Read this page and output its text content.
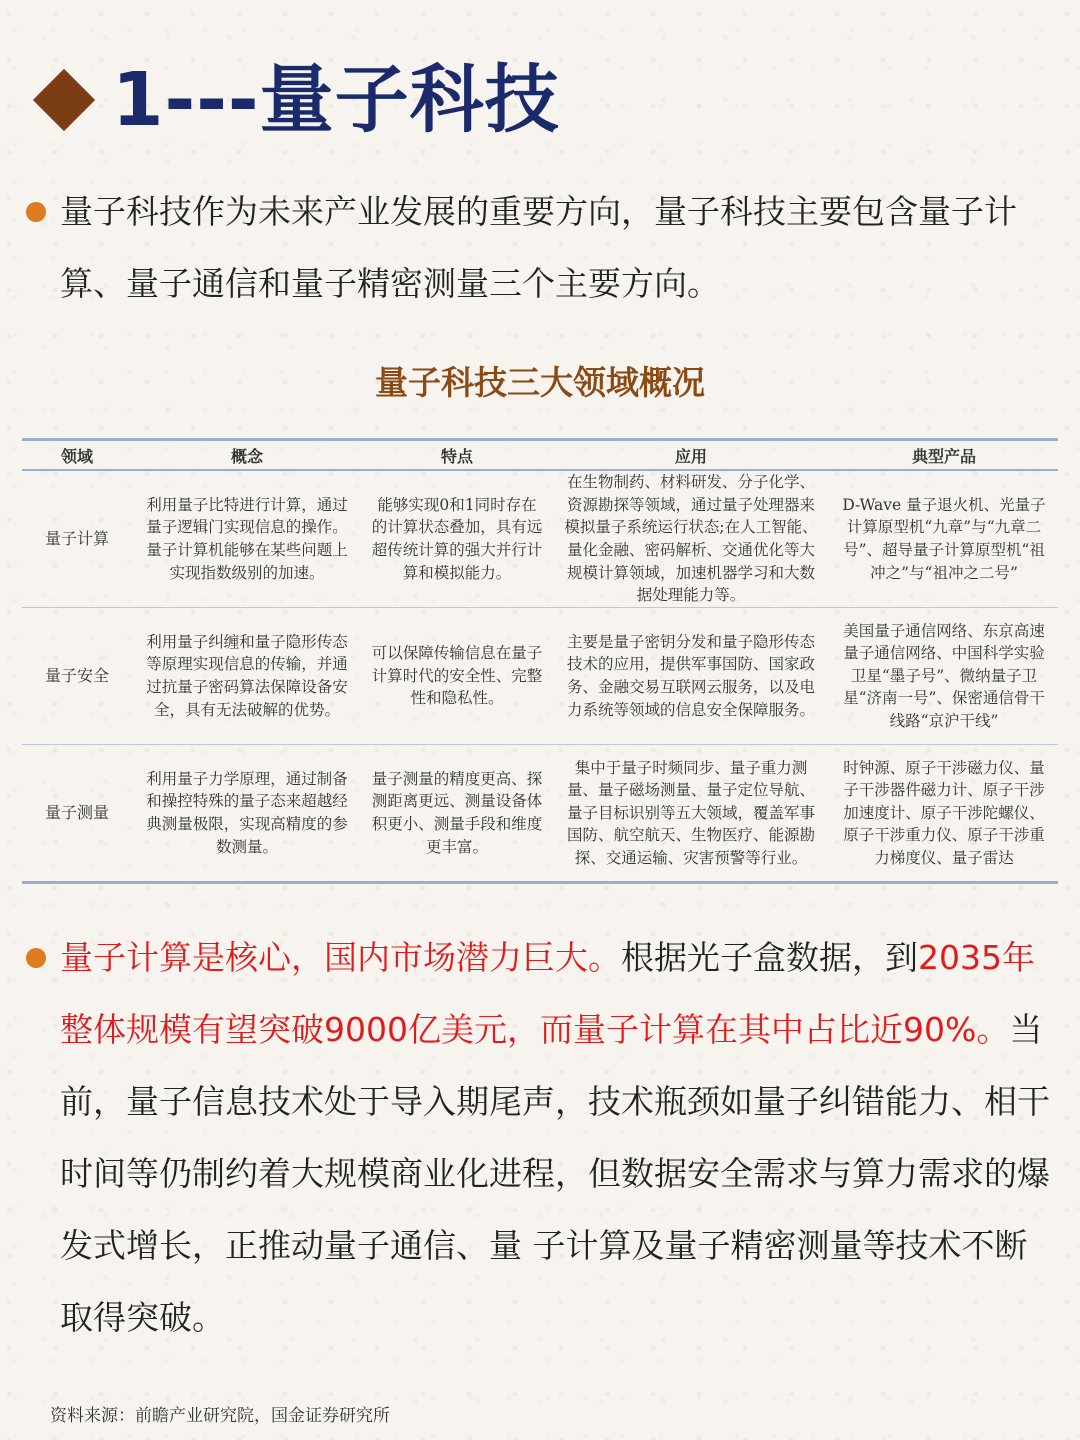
1---量子科技
量子科技作为未来产业发展的重要方向，量子科技主要包含量子计算、量子通信和量子精密测量三个主要方向。
量子科技三大领域概况
领域	概念	特点	应用	典型产品
量子计算	利用量子比特进行计算，通过量子逻辑门实现信息的操作。量子计算机能够在某些问题上实现指数级别的加速。	能够实现0和1同时存在的计算状态叠加，具有远超传统计算的强大并行计算和模拟能力。	在生物制药、材料研发、分子化学、资源勘探等领域，通过量子处理器来模拟量子系统运行状态;在人工智能、量化金融、密码解析、交通优化等大规模计算领域，加速机器学习和大数据处理能力等。	D-Wave 量子退火机、光量子计算原型机“九章”与“九章二号”、超导量子计算原型机“祖冲之”与“祖冲之二号”
量子安全	利用量子纠缠和量子隐形传态等原理实现信息的传输，并通过抗量子密码算法保障设备安全，具有无法破解的优势。	可以保障传输信息在量子计算时代的安全性、完整性和隐私性。	主要是量子密钥分发和量子隐形传态技术的应用，提供军事国防、国家政务、金融交易互联网云服务，以及电力系统等领域的信息安全保障服务。	美国量子通信网络、东京高速量子通信网络、中国科学实验卫星“墨子号”、微纳量子卫星“济南一号”、保密通信骨干线路“京沪干线”
量子测量	利用量子力学原理，通过制备和操控特殊的量子态来超越经典测量极限，实现高精度的参数测量。	量子测量的精度更高、探测距离更远、测量设备体积更小、测量手段和维度更丰富。	集中于量子时频同步、量子重力测量、量子磁场测量、量子定位导航、量子目标识别等五大领域，覆盖军事国防、航空航天、生物医疗、能源勘探、交通运输、灾害预警等行业。	时钟源、原子干涉磁力仪、量子干涉器件磁力计、原子干涉加速度计、原子干涉陀螺仪、原子干涉重力仪、原子干涉重力梯度仪、量子雷达
量子计算是核心，国内市场潜力巨大。根据光子盒数据，到2035年整体规模有望突破9000亿美元，而量子计算在其中占比近90%。当前，量子信息技术处于导入期尾声，技术瓶颈如量子纠错能力、相干时间等仍制约着大规模商业化进程，但数据安全需求与算力需求的爆发式增长，正推动量子通信、量 子计算及量子精密测量等技术不断取得突破。
资料来源：前瞻产业研究院，国金证券研究所
